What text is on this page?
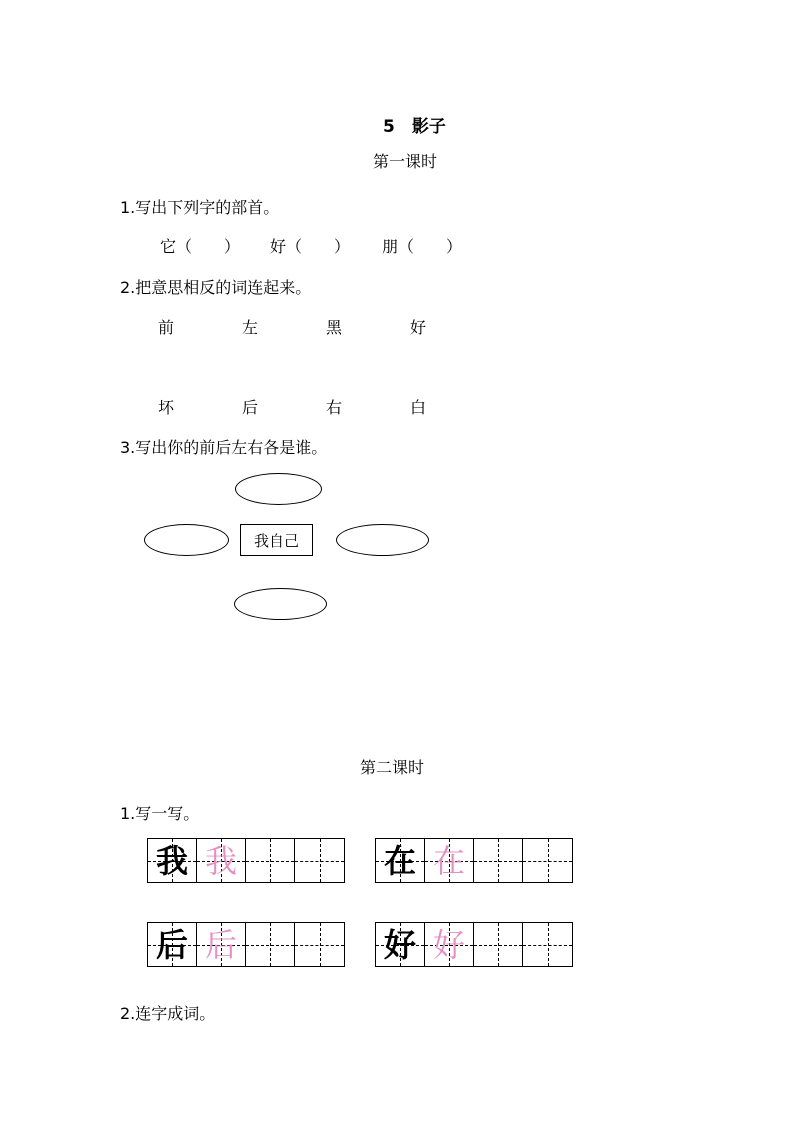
5　影子
第一课时
1.写出下列字的部首。
它（　　） 好（　　） 朋（　　）
2.把意思相反的词连起来。
前	左	黑	好
坏	后	右	白
3.写出你的前后左右各是谁。
我自己
第二课时
1.写一写。
我 我	在 在
后 后	好 好
2.连字成词。
